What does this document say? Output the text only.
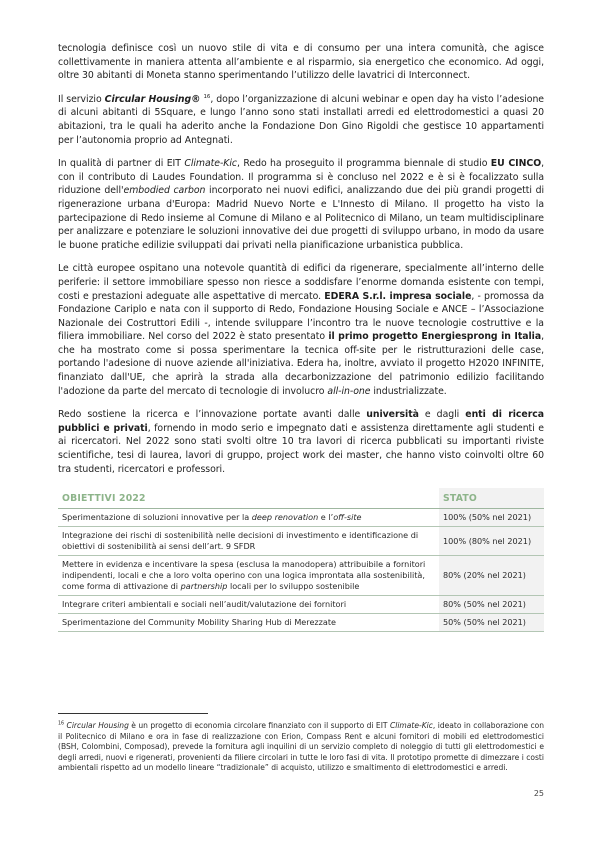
tecnologia definisce così un nuovo stile di vita e di consumo per una intera comunità, che agisce collettivamente in maniera attenta all’ambiente e al risparmio, sia energetico che economico. Ad oggi, oltre 30 abitanti di Moneta stanno sperimentando l’utilizzo delle lavatrici di Interconnect.

Il servizio Circular Housing® $^{16}$, dopo l’organizzazione di alcuni webinar e open day ha visto l’adesione di alcuni abitanti di 5Square, e lungo l’anno sono stati installati arredi ed elettrodomestici a quasi 20 abitazioni, tra le quali ha aderito anche la Fondazione Don Gino Rigoldi che gestisce 10 appartamenti per l’autonomia proprio ad Antegnati.

In qualità di partner di EIT Climate-Kic, Redo ha proseguito il programma biennale di studio EU CINCO, con il contributo di Laudes Foundation. Il programma si è concluso nel 2022 e è si è focalizzato sulla riduzione dell'embodied carbon incorporato nei nuovi edifici, analizzando due dei più grandi progetti di rigenerazione urbana d'Europa: Madrid Nuevo Norte e L'Innesto di Milano. Il progetto ha visto la partecipazione di Redo insieme al Comune di Milano e al Politecnico di Milano, un team multidisciplinare per analizzare e potenziare le soluzioni innovative dei due progetti di sviluppo urbano, in modo da usare le buone pratiche edilizie sviluppati dai privati nella pianificazione urbanistica pubblica.

Le città europee ospitano una notevole quantità di edifici da rigenerare, specialmente all’interno delle periferie: il settore immobiliare spesso non riesce a soddisfare l’enorme domanda esistente con tempi, costi e prestazioni adeguate alle aspettative di mercato. EDERA S.r.l. impresa sociale, - promossa da Fondazione Cariplo e nata con il supporto di Redo, Fondazione Housing Sociale e ANCE – l’Associazione Nazionale dei Costruttori Edili -, intende sviluppare l’incontro tra le nuove tecnologie costruttive e la filiera immobiliare. Nel corso del 2022 è stato presentato il primo progetto Energiesprong in Italia, che ha mostrato come si possa sperimentare la tecnica off-site per le ristrutturazioni delle case, portando l'adesione di nuove aziende all'iniziativa. Edera ha, inoltre, avviato il progetto H2020 INFINITE, finanziato dall'UE, che aprirà la strada alla decarbonizzazione del patrimonio edilizio facilitando l'adozione da parte del mercato di tecnologie di involucro all-in-one industrializzate.

Redo sostiene la ricerca e l’innovazione portate avanti dalle università e dagli enti di ricerca pubblici e privati, fornendo in modo serio e impegnato dati e assistenza direttamente agli studenti e ai ricercatori. Nel 2022 sono stati svolti oltre 10 tra lavori di ricerca pubblicati su importanti riviste scientifiche, tesi di laurea, lavori di gruppo, project work dei master, che hanno visto coinvolti oltre 60 tra studenti, ricercatori e professori.

OBIETTIVI 2022	STATO
Sperimentazione di soluzioni innovative per la deep renovation e l’off-site	100% (50% nel 2021)
Integrazione dei rischi di sostenibilità nelle decisioni di investimento e identificazione di obiettivi di sostenibilità ai sensi dell’art. 9 SFDR	100% (80% nel 2021)
Mettere in evidenza e incentivare la spesa (esclusa la manodopera) attribuibile a fornitori indipendenti, locali e che a loro volta operino con una logica improntata alla sostenibilità, come forma di attivazione di partnership locali per lo sviluppo sostenibile	80% (20% nel 2021)
Integrare criteri ambientali e sociali nell’audit/valutazione dei fornitori	80% (50% nel 2021)
Sperimentazione del Community Mobility Sharing Hub di Merezzate	50% (50% nel 2021)
$^{16}$ Circular Housing è un progetto di economia circolare finanziato con il supporto di EIT Climate-Kic, ideato in collaborazione con il Politecnico di Milano e ora in fase di realizzazione con Erion, Compass Rent e alcuni fornitori di mobili ed elettrodomestici (BSH, Colombini, Composad), prevede la fornitura agli inquilini di un servizio completo di noleggio di tutti gli elettrodomestici e degli arredi, nuovi e rigenerati, provenienti da filiere circolari in tutte le loro fasi di vita. Il prototipo promette di dimezzare i costi ambientali rispetto ad un modello lineare “tradizionale” di acquisto, utilizzo e smaltimento di elettrodomestici e arredi.
25
